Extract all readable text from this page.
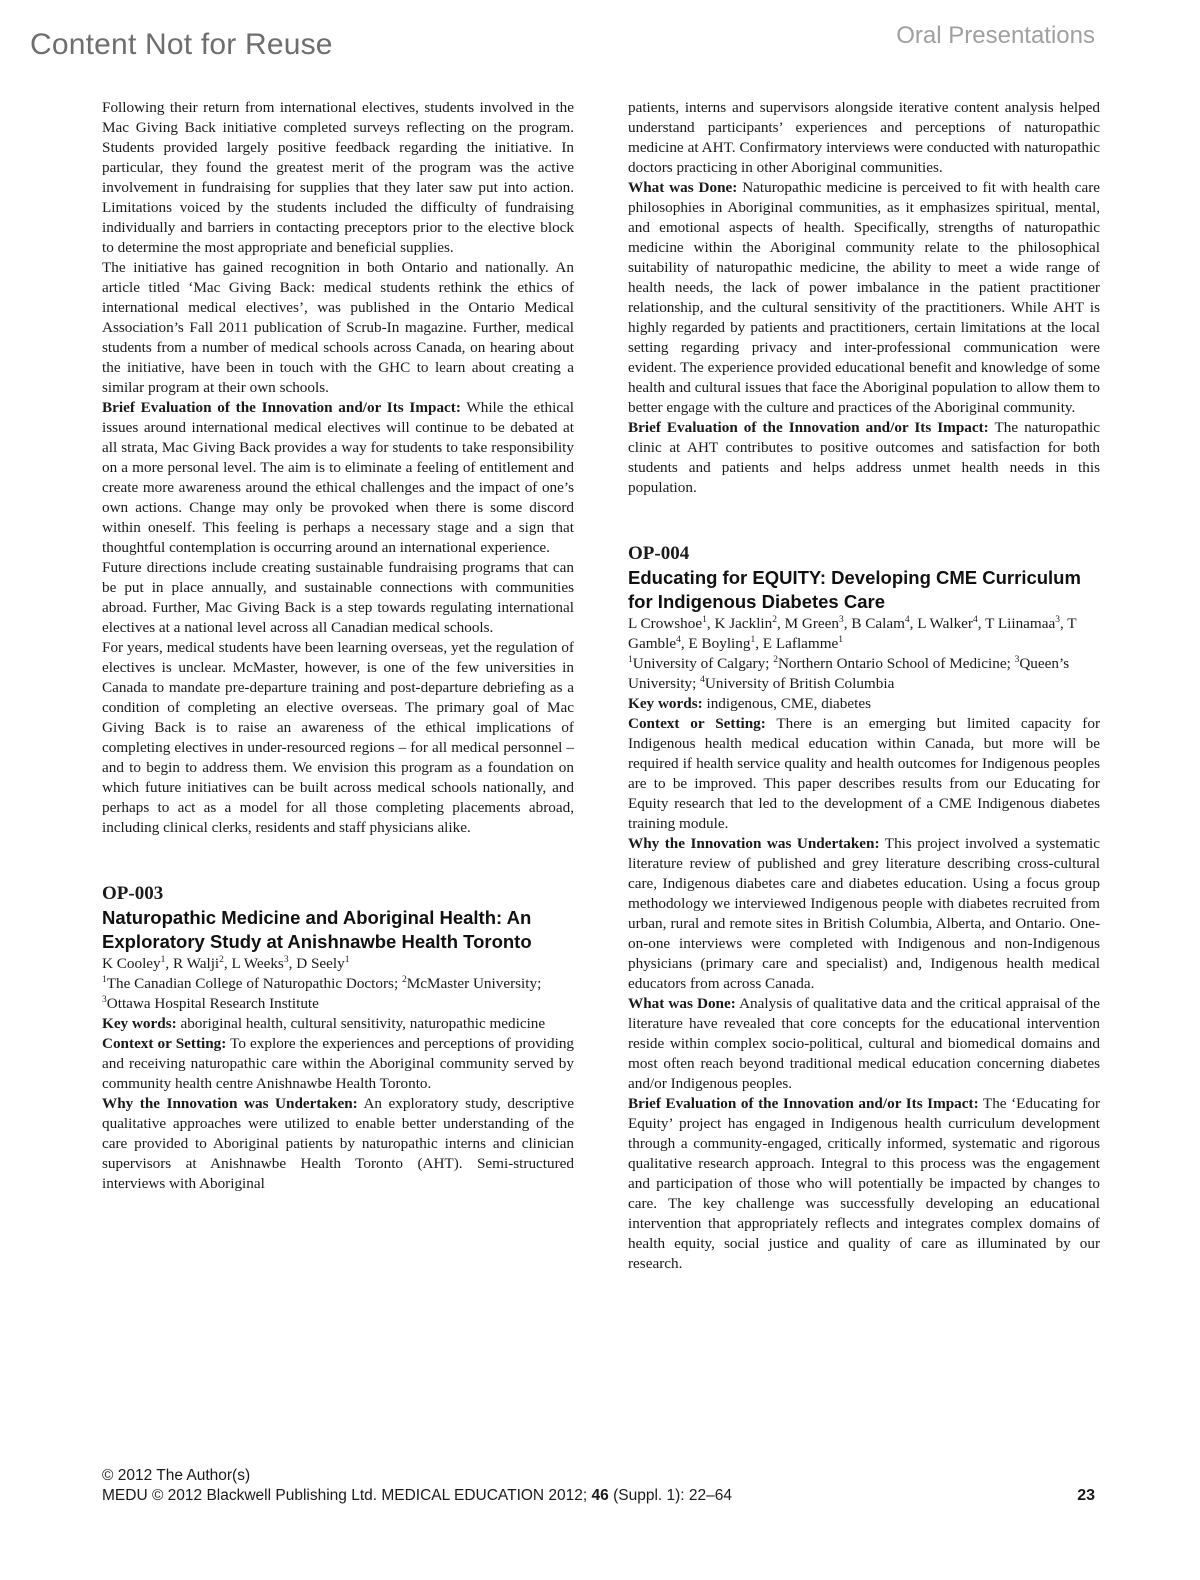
Content Not for Reuse	Oral Presentations

Following their return from international electives, students involved in the Mac Giving Back initiative completed surveys reflecting on the program. Students provided largely positive feedback regarding the initiative. In particular, they found the greatest merit of the program was the active involvement in fundraising for supplies that they later saw put into action. Limitations voiced by the students included the difficulty of fundraising individually and barriers in contacting preceptors prior to the elective block to determine the most appropriate and beneficial supplies.

The initiative has gained recognition in both Ontario and nationally. An article titled ‘Mac Giving Back: medical students rethink the ethics of international medical electives’, was published in the Ontario Medical Association’s Fall 2011 publication of Scrub-In magazine. Further, medical students from a number of medical schools across Canada, on hearing about the initiative, have been in touch with the GHC to learn about creating a similar program at their own schools.

Brief Evaluation of the Innovation and/or Its Impact: While the ethical issues around international medical electives will continue to be debated at all strata, Mac Giving Back provides a way for students to take responsibility on a more personal level. The aim is to eliminate a feeling of entitlement and create more awareness around the ethical challenges and the impact of one’s own actions. Change may only be provoked when there is some discord within oneself. This feeling is perhaps a necessary stage and a sign that thoughtful contemplation is occurring around an international experience.

Future directions include creating sustainable fundraising programs that can be put in place annually, and sustainable connections with communities abroad. Further, Mac Giving Back is a step towards regulating international electives at a national level across all Canadian medical schools.

For years, medical students have been learning overseas, yet the regulation of electives is unclear. McMaster, however, is one of the few universities in Canada to mandate pre-departure training and post-departure debriefing as a condition of completing an elective overseas. The primary goal of Mac Giving Back is to raise an awareness of the ethical implications of completing electives in under-resourced regions – for all medical personnel – and to begin to address them. We envision this program as a foundation on which future initiatives can be built across medical schools nationally, and perhaps to act as a model for all those completing placements abroad, including clinical clerks, residents and staff physicians alike.

OP-003
Naturopathic Medicine and Aboriginal Health: An Exploratory Study at Anishnawbe Health Toronto

K Cooley$^1$, R Walji$^2$, L Weeks$^3$, D Seely$^1$

$^1$The Canadian College of Naturopathic Doctors; $^2$McMaster University; $^3$Ottawa Hospital Research Institute

Key words: aboriginal health, cultural sensitivity, naturopathic medicine

Context or Setting: To explore the experiences and perceptions of providing and receiving naturopathic care within the Aboriginal community served by community health centre Anishnawbe Health Toronto.

Why the Innovation was Undertaken: An exploratory study, descriptive qualitative approaches were utilized to enable better understanding of the care provided to Aboriginal patients by naturopathic interns and clinician supervisors at Anishnawbe Health Toronto (AHT). Semi-structured interviews with Aboriginal

patients, interns and supervisors alongside iterative content analysis helped understand participants’ experiences and perceptions of naturopathic medicine at AHT. Confirmatory interviews were conducted with naturopathic doctors practicing in other Aboriginal communities.

What was Done: Naturopathic medicine is perceived to fit with health care philosophies in Aboriginal communities, as it emphasizes spiritual, mental, and emotional aspects of health. Specifically, strengths of naturopathic medicine within the Aboriginal community relate to the philosophical suitability of naturopathic medicine, the ability to meet a wide range of health needs, the lack of power imbalance in the patient practitioner relationship, and the cultural sensitivity of the practitioners. While AHT is highly regarded by patients and practitioners, certain limitations at the local setting regarding privacy and inter-professional communication were evident. The experience provided educational benefit and knowledge of some health and cultural issues that face the Aboriginal population to allow them to better engage with the culture and practices of the Aboriginal community.

Brief Evaluation of the Innovation and/or Its Impact: The naturopathic clinic at AHT contributes to positive outcomes and satisfaction for both students and patients and helps address unmet health needs in this population.

OP-004
Educating for EQUITY: Developing CME Curriculum for Indigenous Diabetes Care

L Crowshoe$^1$, K Jacklin$^2$, M Green$^3$, B Calam$^4$, L Walker$^4$, T Liinamaa$^3$, T Gamble$^4$, E Boyling$^1$, E Laflamme$^1$

$^1$University of Calgary; $^2$Northern Ontario School of Medicine; $^3$Queen’s University; $^4$University of British Columbia

Key words: indigenous, CME, diabetes

Context or Setting: There is an emerging but limited capacity for Indigenous health medical education within Canada, but more will be required if health service quality and health outcomes for Indigenous peoples are to be improved. This paper describes results from our Educating for Equity research that led to the development of a CME Indigenous diabetes training module.

Why the Innovation was Undertaken: This project involved a systematic literature review of published and grey literature describing cross-cultural care, Indigenous diabetes care and diabetes education. Using a focus group methodology we interviewed Indigenous people with diabetes recruited from urban, rural and remote sites in British Columbia, Alberta, and Ontario. One-on-one interviews were completed with Indigenous and non-Indigenous physicians (primary care and specialist) and, Indigenous health medical educators from across Canada.

What was Done: Analysis of qualitative data and the critical appraisal of the literature have revealed that core concepts for the educational intervention reside within complex socio-political, cultural and biomedical domains and most often reach beyond traditional medical education concerning diabetes and/or Indigenous peoples.

Brief Evaluation of the Innovation and/or Its Impact: The ‘Educating for Equity’ project has engaged in Indigenous health curriculum development through a community-engaged, critically informed, systematic and rigorous qualitative research approach. Integral to this process was the engagement and participation of those who will potentially be impacted by changes to care. The key challenge was successfully developing an educational intervention that appropriately reflects and integrates complex domains of health equity, social justice and quality of care as illuminated by our research.

© 2012 The Author(s)
MEDU © 2012 Blackwell Publishing Ltd. MEDICAL EDUCATION 2012; 46 (Suppl. 1): 22–64	23
